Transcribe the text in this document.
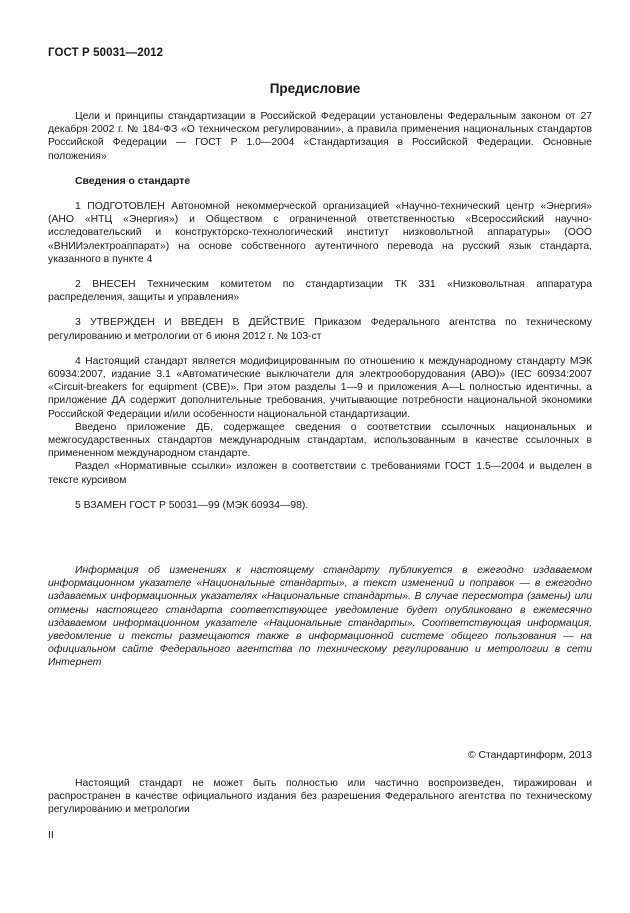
ГОСТ Р 50031—2012
Предисловие

Цели и принципы стандартизации в Российской Федерации установлены Федеральным законом от 27 декабря 2002 г. № 184-ФЗ «О техническом регулировании», а правила применения национальных стандартов Российской Федерации — ГОСТ Р 1.0—2004 «Стандартизация в Российской Федерации. Основные положения»

Сведения о стандарте

1 ПОДГОТОВЛЕН Автономной некоммерческой организацией «Научно-технический центр «Энергия» (АНО «НТЦ «Энергия») и Обществом с ограниченной ответственностью «Всероссийский научно-исследовательский и конструкторско-технологический институт низковольтной аппаратуры» (ООО «ВНИИэлектроаппарат») на основе собственного аутентичного перевода на русский язык стандарта, указанного в пункте 4

2 ВНЕСЕН Техническим комитетом по стандартизации ТК 331 «Низковольтная аппаратура распределения, защиты и управления»

3 УТВЕРЖДЕН И ВВЕДЕН В ДЕЙСТВИЕ Приказом Федерального агентства по техническому регулированию и метрологии от 6 июня 2012 г. № 103-ст

4 Настоящий стандарт является модифицированным по отношению к международному стандарту МЭК 60934:2007, издание 3.1 «Автоматические выключатели для электрооборудования (АВО)» (IEC 60934:2007 «Circuit-breakers for equipment (CBE)». При этом разделы 1—9 и приложения А—L полностью идентичны, а приложение ДА содержит дополнительные требования, учитывающие потребности национальной экономики Российской Федерации и/или особенности национальной стандартизации.

Введено приложение ДБ, содержащее сведения о соответствии ссылочных национальных и межгосударственных стандартов международным стандартам, использованным в качестве ссылочных в примененном международном стандарте.

Раздел «Нормативные ссылки» изложен в соответствии с требованиями ГОСТ 1.5—2004 и выделен в тексте курсивом

5 ВЗАМЕН ГОСТ Р 50031—99 (МЭК 60934—98).

Информация об изменениях к настоящему стандарту публикуется в ежегодно издаваемом информационном указателе «Национальные стандарты», а текст изменений и поправок — в ежегодно издаваемых информационных указателях «Национальные стандарты». В случае пересмотра (замены) или отмены настоящего стандарта соответствующее уведомление будет опубликовано в ежемесячно издаваемом информационном указателе «Национальные стандарты». Соответствующая информация, уведомление и тексты размещаются также в информационной системе общего пользования — на официальном сайте Федерального агентства по техническому регулированию и метрологии в сети Интернет

© Стандартинформ, 2013

Настоящий стандарт не может быть полностью или частично воспроизведен, тиражирован и распространен в качестве официального издания без разрешения Федерального агентства по техническому регулированию и метрологии

II
